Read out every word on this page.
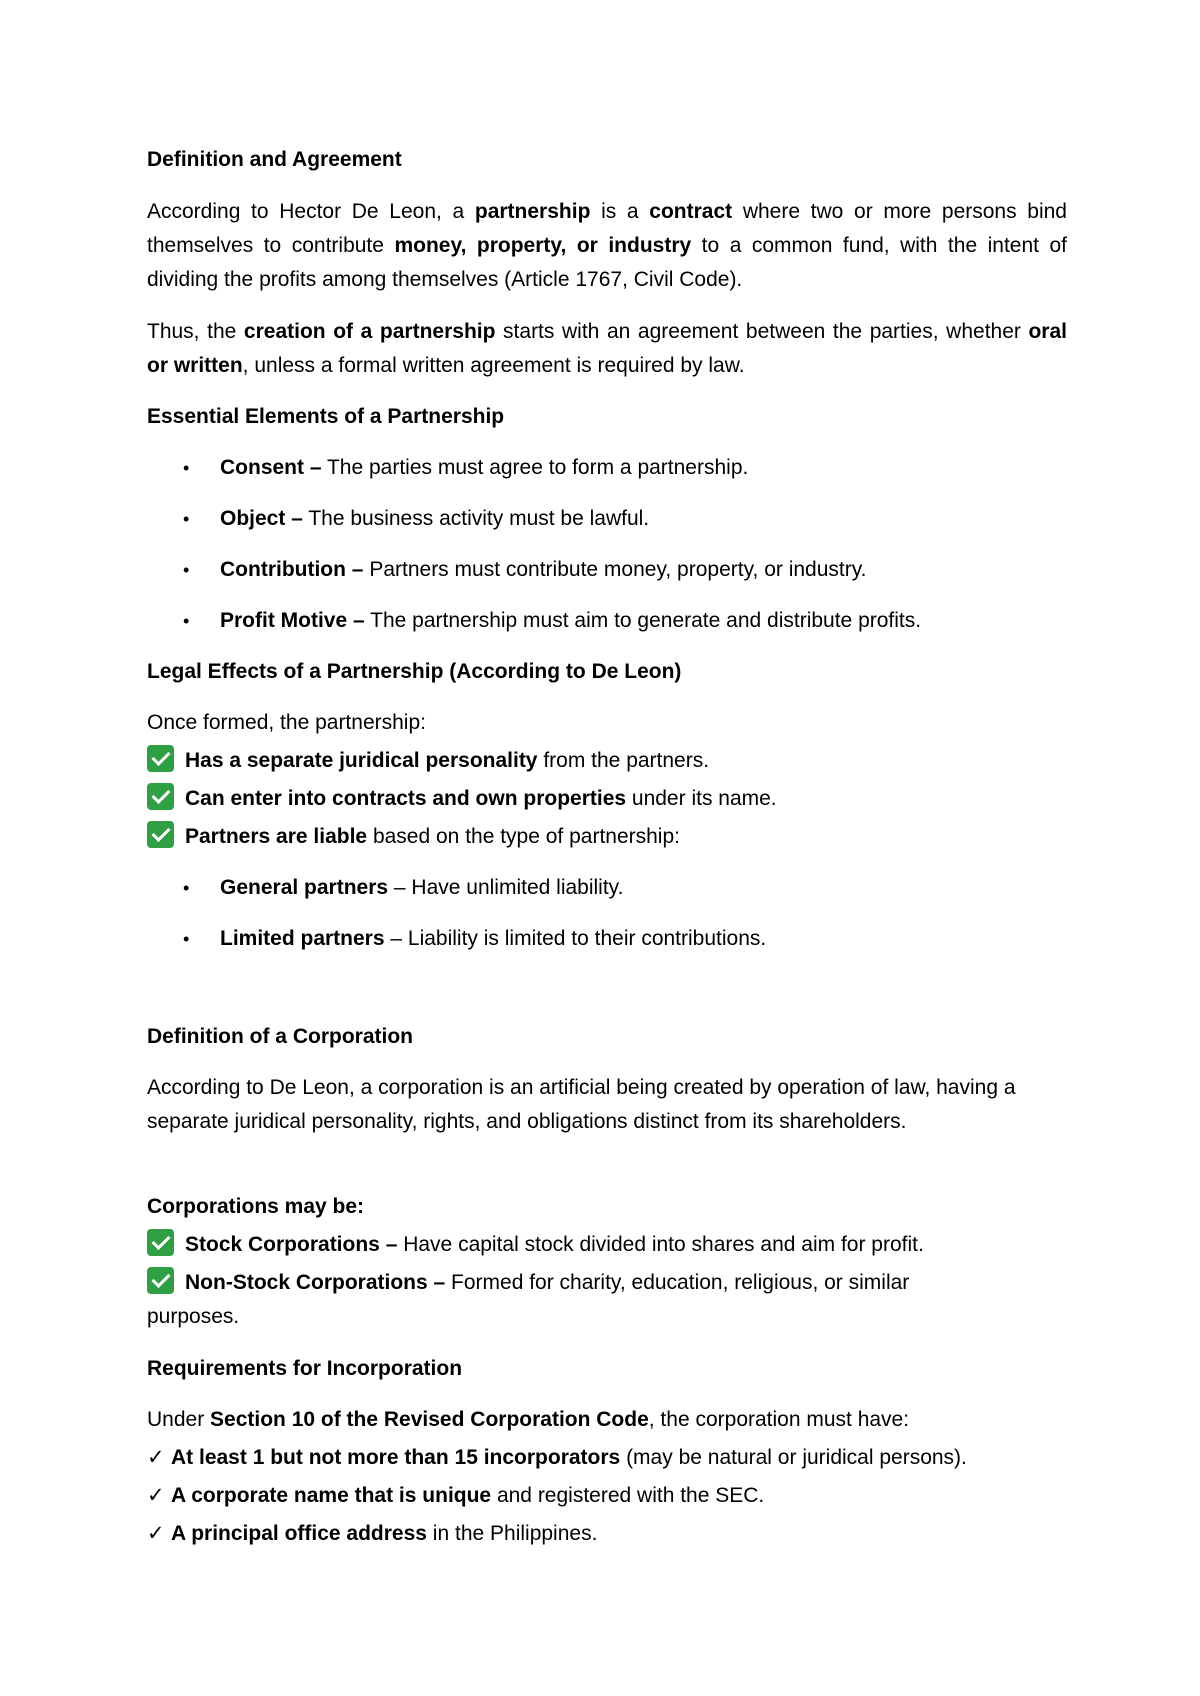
Definition and Agreement
According to Hector De Leon, a partnership is a contract where two or more persons bind themselves to contribute money, property, or industry to a common fund, with the intent of dividing the profits among themselves (Article 1767, Civil Code).
Thus, the creation of a partnership starts with an agreement between the parties, whether oral or written, unless a formal written agreement is required by law.
Essential Elements of a Partnership
•	Consent – The parties must agree to form a partnership.
•	Object – The business activity must be lawful.
•	Contribution – Partners must contribute money, property, or industry.
•	Profit Motive – The partnership must aim to generate and distribute profits.
Legal Effects of a Partnership (According to De Leon)
Once formed, the partnership:
Has a separate juridical personality from the partners.
Can enter into contracts and own properties under its name.
Partners are liable based on the type of partnership:
•	General partners – Have unlimited liability.
•	Limited partners – Liability is limited to their contributions.
Definition of a Corporation
According to De Leon, a corporation is an artificial being created by operation of law, having a separate juridical personality, rights, and obligations distinct from its shareholders.
Corporations may be:
Stock Corporations – Have capital stock divided into shares and aim for profit.
Non-Stock Corporations – Formed for charity, education, religious, or similar purposes.
Requirements for Incorporation
Under Section 10 of the Revised Corporation Code, the corporation must have:
✓ At least 1 but not more than 15 incorporators (may be natural or juridical persons).
✓ A corporate name that is unique and registered with the SEC.
✓ A principal office address in the Philippines.
